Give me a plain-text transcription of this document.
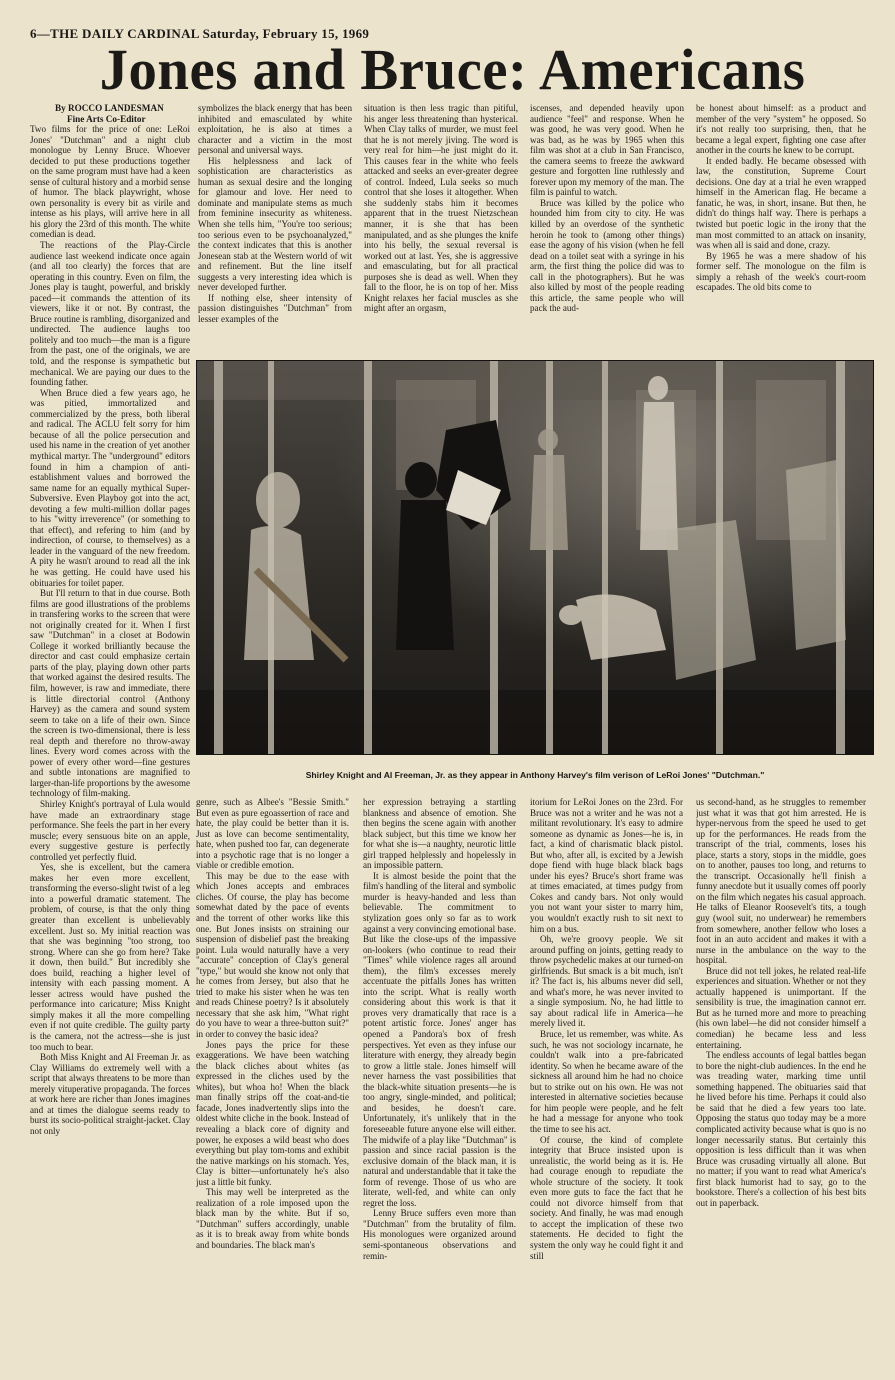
6—THE DAILY CARDINAL Saturday, February 15, 1969
Jones and Bruce: Americans
By ROCCO LANDESMAN
Fine Arts Co-Editor

Two films for the price of one: LeRoi Jones' "Dutchman" and a night club monologue by Lenny Bruce. Whoever decided to put these productions together on the same program must have had a keen sense of cultural history and a morbid sense of humor. The black playwright, whose own personality is every bit as virile and intense as his plays, will arrive here in all his glory the 23rd of this month. The white comedian is dead.

The reactions of the Play-Circle audience last weekend indicate once again (and all too clearly) the forces that are operating in this country. Even on film, the Jones play is taught, powerful, and briskly paced—it commands the attention of its viewers, like it or not. By contrast, the Bruce routine is rambling, disorganized and undirected. The audience laughs too politely and too much—the man is a figure from the past, one of the originals, we are told, and the response is sympathetic but mechanical. We are paying our dues to the founding father.

When Bruce died a few years ago, he was pitied, immortalized and commercialized by the press, both liberal and radical. The ACLU felt sorry for him because of all the police persecution and used his name in the creation of yet another mythical martyr. The "underground" editors found in him a champion of anti-establishment values and borrowed the same name for an equally mythical Super-Subversive. Even Playboy got into the act, devoting a few multi-million dollar pages to his "witty irreverence" (or something to that effect), and refering to him (and by indirection, of course, to themselves) as a leader in the vanguard of the new freedom. A pity he wasn't around to read all the ink he was getting. He could have used his obituaries for toilet paper.

But I'll return to that in due course. Both films are good illustrations of the problems in transfering works to the screen that were not originally created for it. When I first saw "Dutchman" in a closet at Bodowin College it worked brilliantly because the director and cast could emphasize certain parts of the play, playing down other parts that worked against the desired results. The film, however, is raw and immediate, there is little directorial control (Anthony Harvey) as the camera and sound system seem to take on a life of their own. Since the screen is two-dimensional, there is less real depth and therefore no throw-away lines. Every word comes across with the power of every other word—fine gestures and subtle intonations are magnified to larger-than-life proportions by the awesome technology of film-making.

Shirley Knight's portrayal of Lula would have made an extraordinary stage performance. She feels the part in her every muscle; every sensuous bite on an apple, every suggestive gesture is perfectly controlled yet perfectly fluid.

Yes, she is excellent, but the camera makes her even more excellent, transforming the everso-slight twist of a leg into a powerful dramatic statement. The problem, of course, is that the only thing greater than excellent is unbelievably excellent. Just so. My initial reaction was that she was beginning "too strong, too strong. Where can she go from here? Take it down, then build." But incredibly she does build, reaching a higher level of intensity with each passing moment. A lesser actress would have pushed the performance into caricature; Miss Knight simply makes it all the more compelling even if not quite credible. The guilty party is the camera, not the actress—she is just too much to bear.

Both Miss Knight and Al Freeman Jr. as Clay Williams do extremely well with a script that always threatens to be more than merely vituperative propaganda. The forces at work here are richer than Jones imagines and at times the dialogue seems ready to burst its socio-political straight-jacket. Clay not only

symbolizes the black energy that has been inhibited and emasculated by white exploitation, he is also at times a character and a victim in the most personal and universal ways.

His helplessness and lack of sophistication are characteristics as human as sexual desire and the longing for glamour and love. Her need to dominate and manipulate stems as much from feminine insecurity as whiteness. When she tells him, "You're too serious; too serious even to be psychoanalyzed," the context indicates that this is another Jonesean stab at the Western world of wit and refinement. But the line itself suggests a very interesting idea which is never developed further.

If nothing else, sheer intensity of passion distinguishes "Dutchman" from lesser examples of the

situation is then less tragic than pitiful, his anger less threatening than hysterical. When Clay talks of murder, we must feel that he is not merely jiving. The word is very real for him—he just might do it. This causes fear in the white who feels attacked and seeks an ever-greater degree of control. Indeed, Lula seeks so much control that she loses it altogether. When she suddenly stabs him it becomes apparent that in the truest Nietzschean manner, it is she that has been manipulated, and as she plunges the knife into his belly, the sexual reversal is worked out at last. Yes, she is aggressive and emasculating, but for all practical purposes she is dead as well. When they fall to the floor, he is on top of her. Miss Knight relaxes her facial muscles as she might after an orgasm,

iscenses, and depended heavily upon audience "feel" and response. When he was good, he was very good. When he was bad, as he was by 1965 when this film was shot at a club in San Francisco, the camera seems to freeze the awkward gesture and forgotten line ruthlessly and forever upon my memory of the man. The film is painful to watch.

Bruce was killed by the police who hounded him from city to city. He was killed by an overdose of the synthetic heroin he took to (among other things) ease the agony of his vision (when he fell dead on a toilet seat with a syringe in his arm, the first thing the police did was to call in the photographers). But he was also killed by most of the people reading this article, the same people who will pack the aud-

be honest about himself: as a product and member of the very "system" he opposed. So it's not really too surprising, then, that he became a legal expert, fighting one case after another in the courts he knew to be corrupt.

It ended badly. He became obsessed with law, the constitution, Supreme Court decisions. One day at a trial he even wrapped himself in the American flag. He became a fanatic, he was, in short, insane. But then, he didn't do things half way. There is perhaps a twisted but poetic logic in the irony that the man most committed to an attack on insanity, was when all is said and done, crazy.

By 1965 he was a mere shadow of his former self. The monologue on the film is simply a rehash of the week's court-room escapades. The old bits come to

Shirley Knight and Al Freeman, Jr. as they appear in Anthony Harvey's film verison of LeRoi Jones' "Dutchman."

genre, such as Albee's "Bessie Smith." But even as pure egoassertion of race and hate, the play could be better than it is. Just as love can become sentimentality, hate, when pushed too far, can degenerate into a psychotic rage that is no longer a viable or credible emotion.

This may be due to the ease with which Jones accepts and embraces cliches. Of course, the play has become somewhat dated by the pace of events and the torrent of other works like this one. But Jones insists on straining our suspension of disbelief past the breaking point. Lula would naturally have a very "accurate" conception of Clay's general "type," but would she know not only that he comes from Jersey, but also that he tried to make his sister when he was ten and reads Chinese poetry? Is it absolutely necessary that she ask him, "What right do you have to wear a three-button suit?" in order to convey the basic idea?

Jones pays the price for these exaggerations. We have been watching the black cliches about whites (as expressed in the cliches used by the whites), but whoa ho! When the black man finally strips off the coat-and-tie facade, Jones inadvertently slips into the oldest white cliche in the book. Instead of revealing a black core of dignity and power, he exposes a wild beast who does everything but play tom-toms and exhibit the native markings on his stomach. Yes, Clay is bitter—unfortunately he's also just a little bit funky.

This may well be interpreted as the realization of a role imposed upon the black man by the white. But if so, "Dutchman" suffers accordingly, unable as it is to break away from white bonds and boundaries. The black man's

her expression betraying a startling blankness and absence of emotion. She then begins the scene again with another black subject, but this time we know her for what she is—a naughty, neurotic little girl trapped helplessly and hopelessly in an impossible pattern.

It is almost beside the point that the film's handling of the literal and symbolic murder is heavy-handed and less than believable. The commitment to stylization goes only so far as to work against a very convincing emotional base. But like the close-ups of the impassive on-lookers (who continue to read their "Times" while violence rages all around them), the film's excesses merely accentuate the pitfalls Jones has written into the script. What is really worth considering about this work is that it proves very dramatically that race is a potent artistic force. Jones' anger has opened a Pandora's box of fresh perspectives. Yet even as they infuse our literature with energy, they already begin to grow a little stale. Jones himself will never harness the vast possibilities that the black-white situation presents—he is too angry, single-minded, and political; and besides, he doesn't care. Unfortunately, it's unlikely that in the foreseeable future anyone else will either. The midwife of a play like "Dutchman" is passion and since racial passion is the exclusive domain of the black man, it is natural and understandable that it take the form of revenge. Those of us who are literate, well-fed, and white can only regret the loss.

Lenny Bruce suffers even more than "Dutchman" from the brutality of film. His monologues were organized around semi-spontaneous observations and remin-

itorium for LeRoi Jones on the 23rd. For Bruce was not a writer and he was not a militant revolutionary. It's easy to admire someone as dynamic as Jones—he is, in fact, a kind of charismatic black pistol. But who, after all, is excited by a Jewish dope fiend with huge black black bags under his eyes? Bruce's short frame was at times emaciated, at times pudgy from Cokes and candy bars. Not only would you not want your sister to marry him, you wouldn't exactly rush to sit next to him on a bus.

Oh, we're groovy people. We sit around puffing on joints, getting ready to throw psychedelic makes at our turned-on girlfriends. But smack is a bit much, isn't it? The fact is, his albums never did sell, and what's more, he was never invited to a single symposium. No, he had little to say about radical life in America—he merely lived it.

Bruce, let us remember, was white. As such, he was not sociology incarnate, he couldn't walk into a pre-fabricated identity. So when he became aware of the sickness all around him he had no choice but to strike out on his own. He was not interested in alternative societies because for him people were people, and he felt he had a message for anyone who took the time to see his act.

Of course, the kind of complete integrity that Bruce insisted upon is unrealistic, the world being as it is. He had courage enough to repudiate the whole structure of the society. It took even more guts to face the fact that he could not divorce himself from that society. And finally, he was mad enough to accept the implication of these two statements. He decided to fight the system the only way he could fight it and still

us second-hand, as he struggles to remember just what it was that got him arrested. He is hyper-nervous from the speed he used to get up for the performances. He reads from the transcript of the trial, comments, loses his place, starts a story, stops in the middle, goes on to another, pauses too long, and returns to the transcript. Occasionally he'll finish a funny anecdote but it usually comes off poorly on the film which negates his casual approach. He talks of Eleanor Roosevelt's tits, a tough guy (wool suit, no underwear) he remembers from somewhere, another fellow who loses a foot in an auto accident and makes it with a nurse in the ambulance on the way to the hospital.

Bruce did not tell jokes, he related real-life experiences and situation. Whether or not they actually happened is unimportant. If the sensibility is true, the imagination cannot err. But as he turned more and more to preaching (his own label—he did not consider himself a comedian) he became less and less entertaining.

The endless accounts of legal battles began to bore the night-club audiences. In the end he was treading water, marking time until something happened. The obituaries said that he lived before his time. Perhaps it could also be said that he died a few years too late. Opposing the status quo today may be a more complicated activity because what is quo is no longer necessarily status. But certainly this opposition is less difficult than it was when Bruce was crusading virtually all alone. But no matter; if you want to read what America's first black humorist had to say, go to the bookstore. There's a collection of his best bits out in paperback.
